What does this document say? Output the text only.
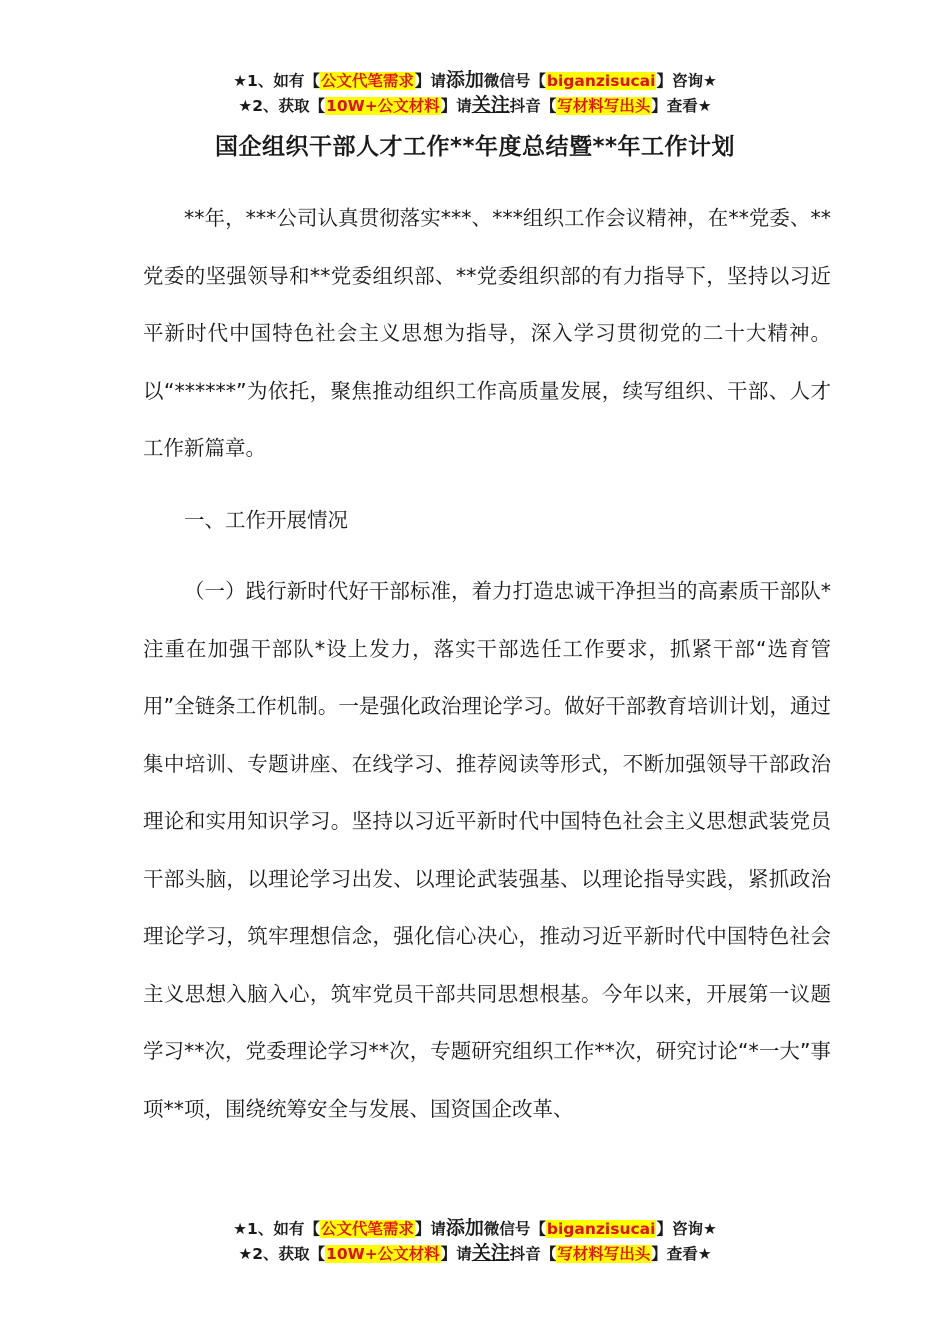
★1、如有【公文代笔需求】请添加微信号【biganzisucai】咨询★
★2、获取【10W+公文材料】请关注抖音【写材料写出头】查看★
国企组织干部人才工作**年度总结暨**年工作计划

**年，***公司认真贯彻落实***、***组织工作会议精神，在**党委、**党委的坚强领导和**党委组织部、**党委组织部的有力指导下，坚持以习近平新时代中国特色社会主义思想为指导，深入学习贯彻党的二十大精神。以“******”为依托，聚焦推动组织工作高质量发展，续写组织、干部、人才工作新篇章。

一、工作开展情况

（一）践行新时代好干部标准，着力打造忠诚干净担当的高素质干部队*注重在加强干部队*设上发力，落实干部选任工作要求，抓紧干部“选育管用”全链条工作机制。一是强化政治理论学习。做好干部教育培训计划，通过集中培训、专题讲座、在线学习、推荐阅读等形式，不断加强领导干部政治理论和实用知识学习。坚持以习近平新时代中国特色社会主义思想武装党员干部头脑，以理论学习出发、以理论武装强基、以理论指导实践，紧抓政治理论学习，筑牢理想信念，强化信心决心，推动习近平新时代中国特色社会主义思想入脑入心，筑牢党员干部共同思想根基。今年以来，开展第一议题学习**次，党委理论学习**次，专题研究组织工作**次，研究讨论“*一大”事项**项，围绕统筹安全与发展、国资国企改革、

★1、如有【公文代笔需求】请添加微信号【biganzisucai】咨询★
★2、获取【10W+公文材料】请关注抖音【写材料写出头】查看★
